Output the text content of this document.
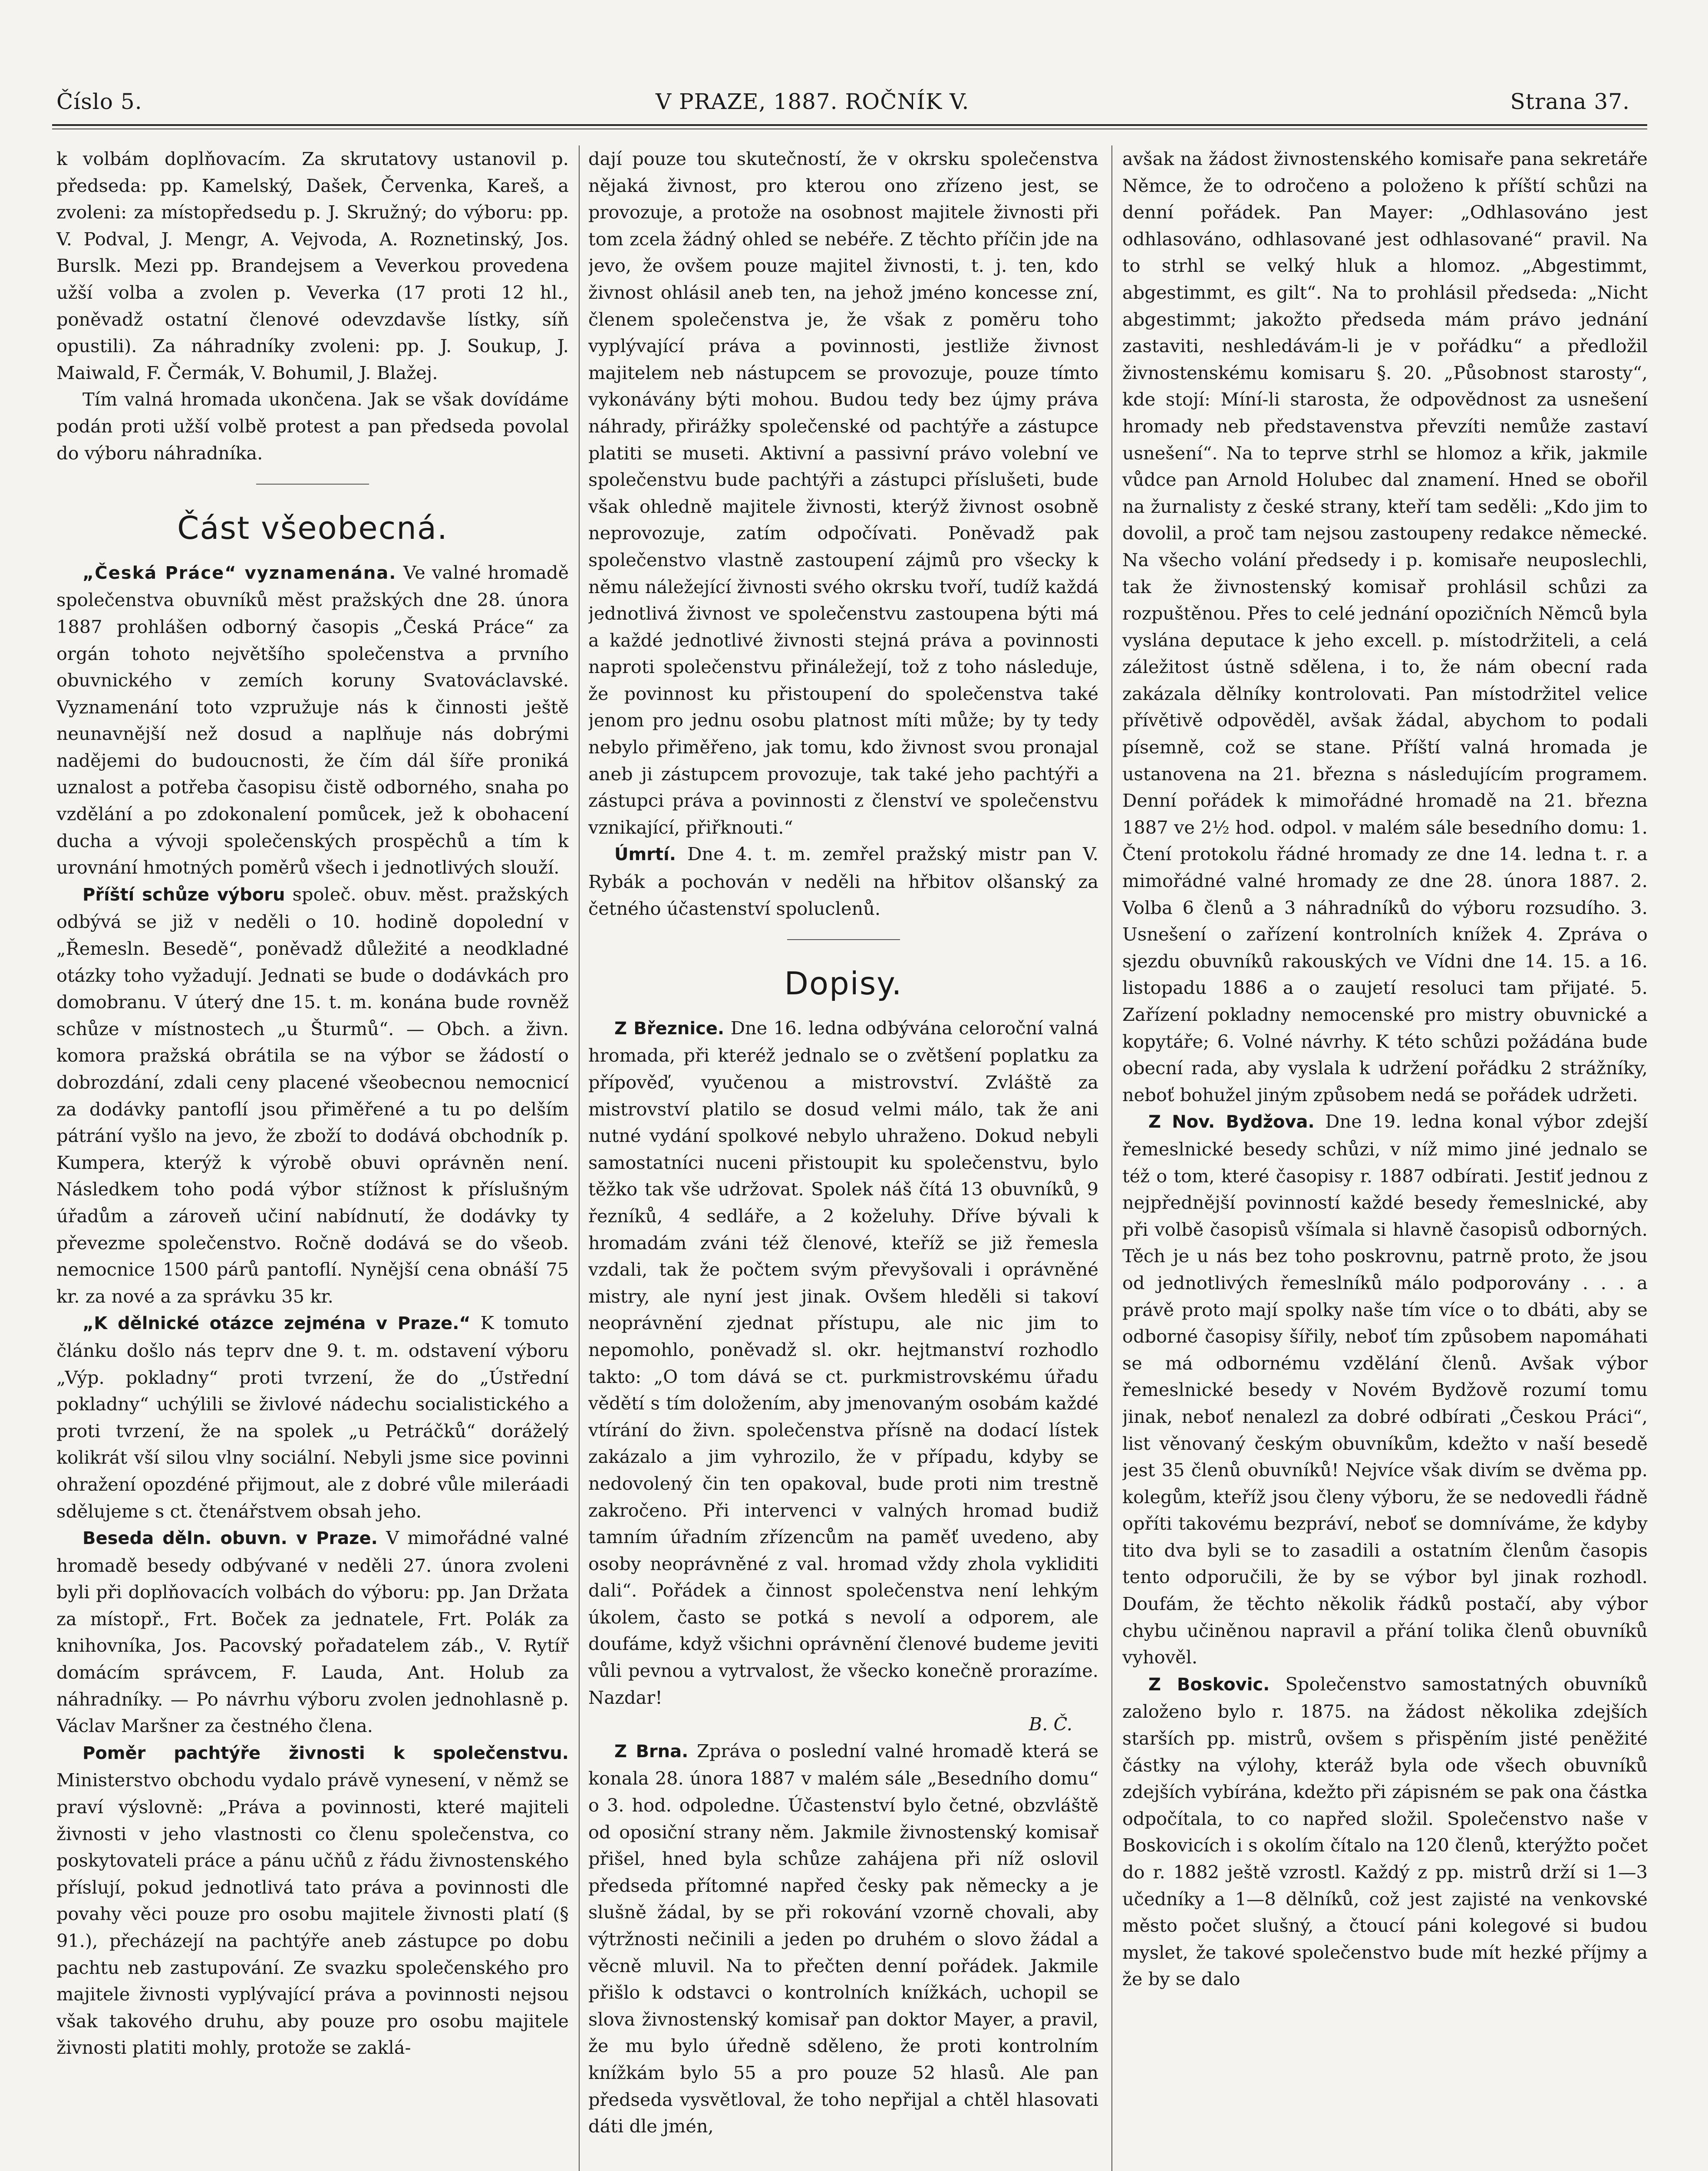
Číslo 5.	V PRAZE, 1887. ROČNÍK V.	Strana 37.

k volbám doplňovacím. Za skrutatovy ustanovil p. předseda: pp. Kamelský, Dašek, Červenka, Kareš, a zvoleni: za místopředsedu p. J. Skružný; do výboru: pp. V. Podval, J. Mengr, A. Vejvoda, A. Roznetinský, Jos. Burslk. Mezi pp. Brandejsem a Veverkou provedena užší volba a zvolen p. Veverka (17 proti 12 hl., poněvadž ostatní členové odevzdavše lístky, síň opustili). Za náhradníky zvoleni: pp. J. Soukup, J. Maiwald, F. Čermák, V. Bohumil, J. Blažej.

Tím valná hromada ukončena. Jak se však dovídáme podán proti užší volbě protest a pan předseda povolal do výboru náhradníka.

Část všeobecná.

„Česká Práce“ vyznamenána. Ve valné hromadě společenstva obuvníků měst pražských dne 28. února 1887 prohlášen odborný časopis „Česká Práce“ za orgán tohoto největšího společenstva a prvního obuvnického v zemích koruny Svatováclavské. Vyznamenání toto vzpružuje nás k činnosti ještě neunavnější než dosud a naplňuje nás dobrými nadějemi do budoucnosti, že čím dál šíře proniká uznalost a potřeba časopisu čistě odborného, snaha po vzdělání a po zdokonalení pomůcek, jež k obohacení ducha a vývoji společenských prospěchů a tím k urovnání hmotných poměrů všech i jednotlivých slouží.

Příští schůze výboru společ. obuv. měst. pražských odbývá se již v neděli o 10. hodině dopolední v „Řemesln. Besedě“, poněvadž důležité a neodkladné otázky toho vyžadují. Jednati se bude o dodávkách pro domobranu. V úterý dne 15. t. m. konána bude rovněž schůze v místnostech „u Šturmů“. — Obch. a živn. komora pražská obrátila se na výbor se žádostí o dobrozdání, zdali ceny placené všeobecnou nemocnicí za dodávky pantoflí jsou přiměřené a tu po delším pátrání vyšlo na jevo, že zboží to dodává obchodník p. Kumpera, kterýž k výrobě obuvi oprávněn není. Následkem toho podá výbor stížnost k příslušným úřadům a zároveň učiní nabídnutí, že dodávky ty převezme společenstvo. Ročně dodává se do všeob. nemocnice 1500 párů pantoflí. Nynější cena obnáší 75 kr. za nové a za správku 35 kr.

„K dělnické otázce zejména v Praze.“ K tomuto článku došlo nás teprv dne 9. t. m. odstavení výboru „Výp. pokladny“ proti tvrzení, že do „Ústřední pokladny“ uchýlili se živlové nádechu socialistického a proti tvrzení, že na spolek „u Petráčků“ doráželý kolikrát vší silou vlny sociální. Nebyli jsme sice povinni ohražení opozdéné přijmout, ale z dobré vůle mileráadi sdělujeme s ct. čtenářstvem obsah jeho.

Beseda děln. obuvn. v Praze. V mimořádné valné hromadě besedy odbývané v neděli 27. února zvoleni byli při doplňovacích volbách do výboru: pp. Jan Držata za místopř., Frt. Boček za jednatele, Frt. Polák za knihovníka, Jos. Pacovský pořadatelem záb., V. Rytíř domácím správcem, F. Lauda, Ant. Holub za náhradníky. — Po návrhu výboru zvolen jednohlasně p. Václav Maršner za čestného člena.

Poměr pachtýře živnosti k společenstvu. Ministerstvo obchodu vydalo právě vynesení, v němž se praví výslovně: „Práva a povinnosti, které majiteli živnosti v jeho vlastnosti co členu společenstva, co poskytovateli práce a pánu učňů z řádu živnostenského příslují, pokud jednotlivá tato práva a povinnosti dle povahy věci pouze pro osobu majitele živnosti platí (§ 91.), přecházejí na pachtýře aneb zástupce po dobu pachtu neb zastupování. Ze svazku společenského pro majitele živnosti vyplývající práva a povinnosti nejsou však takového druhu, aby pouze pro osobu majitele živnosti platiti mohly, protože se zaklá-

dají pouze tou skutečností, že v okrsku společenstva nějaká živnost, pro kterou ono zřízeno jest, se provozuje, a protože na osobnost majitele živnosti při tom zcela žádný ohled se nebéře. Z těchto příčin jde na jevo, že ovšem pouze majitel živnosti, t. j. ten, kdo živnost ohlásil aneb ten, na jehož jméno koncesse zní, členem společenstva je, že však z poměru toho vyplývající práva a povinnosti, jestliže živnost majitelem neb nástupcem se provozuje, pouze tímto vykonávány býti mohou. Budou tedy bez újmy práva náhrady, přirážky společenské od pachtýře a zástupce platiti se museti. Aktivní a passivní právo volební ve společenstvu bude pachtýři a zástupci příslušeti, bude však ohledně majitele živnosti, kterýž živnost osobně neprovozuje, zatím odpočívati. Poněvadž pak společenstvo vlastně zastoupení zájmů pro všecky k němu náležející živnosti svého okrsku tvoří, tudíž každá jednotlivá živnost ve společenstvu zastoupena býti má a každé jednotlivé živnosti stejná práva a povinnosti naproti společenstvu přináležejí, tož z toho následuje, že povinnost ku přistoupení do společenstva také jenom pro jednu osobu platnost míti může; by ty tedy nebylo přiměřeno, jak tomu, kdo živnost svou pronajal aneb ji zástupcem provozuje, tak také jeho pachtýři a zástupci práva a povinnosti z členství ve společenstvu vznikající, přiřknouti.“

Úmrtí. Dne 4. t. m. zemřel pražský mistr pan V. Rybák a pochován v neděli na hřbitov olšanský za četného účastenství spoluclenů.

Dopisy.

Z Březnice. Dne 16. ledna odbývána celoroční valná hromada, při kteréž jednalo se o zvětšení poplatku za přípověď, vyučenou a mistrovství. Zvláště za mistrovství platilo se dosud velmi málo, tak že ani nutné vydání spolkové nebylo uhraženo. Dokud nebyli samostatníci nuceni přistoupit ku společenstvu, bylo těžko tak vše udržovat. Spolek náš čítá 13 obuvníků, 9 řezníků, 4 sedláře, a 2 koželuhy. Dříve bývali k hromadám zváni též členové, kteříž se již řemesla vzdali, tak že počtem svým převyšovali i oprávněné mistry, ale nyní jest jinak. Ovšem hleděli si takoví neoprávnění zjednat přístupu, ale nic jim to nepomohlo, poněvadž sl. okr. hejtmanství rozhodlo takto: „O tom dává se ct. purkmistrovskému úřadu vědětí s tím doložením, aby jmenovaným osobám každé vtírání do živn. společenstva přísně na dodací lístek zakázalo a jim vyhrozilo, že v případu, kdyby se nedovolený čin ten opakoval, bude proti nim trestně zakročeno. Při intervenci v valných hromad budiž tamním úřadním zřízencům na paměť uvedeno, aby osoby neoprávněné z val. hromad vždy zhola vykliditi dali“. Pořádek a činnost společenstva není lehkým úkolem, často se potká s nevolí a odporem, ale doufáme, když všichni oprávnění členové budeme jeviti vůli pevnou a vytrvalost, že všecko konečně prorazíme. Nazdar!

B. Č.

Z Brna. Zpráva o poslední valné hromadě která se konala 28. února 1887 v malém sále „Besedního domu“ o 3. hod. odpoledne. Účastenství bylo četné, obzvláště od oposiční strany něm. Jakmile živnostenský komisař přišel, hned byla schůze zahájena při níž oslovil předseda přítomné napřed česky pak německy a je slušně žádal, by se při rokování vzorně chovali, aby výtržnosti nečinili a jeden po druhém o slovo žádal a věcně mluvil. Na to přečten denní pořádek. Jakmile přišlo k odstavci o kontrolních knížkách, uchopil se slova živnostenský komisař pan doktor Mayer, a pravil, že mu bylo úředně sděleno, že proti kontrolním knížkám bylo 55 a pro pouze 52 hlasů. Ale pan předseda vysvětloval, že toho nepřijal a chtěl hlasovati dáti dle jmén,

avšak na žádost živnostenského komisaře pana sekretáře Němce, že to odročeno a položeno k příští schůzi na denní pořádek. Pan Mayer: „Odhlasováno jest odhlasováno, odhlasované jest odhlasované“ pravil. Na to strhl se velký hluk a hlomoz. „Abgestimmt, abgestimmt, es gilt“. Na to prohlásil předseda: „Nicht abgestimmt; jakožto předseda mám právo jednání zastaviti, neshledávám-li je v pořádku“ a předložil živnostenskému komisaru §. 20. „Působnost starosty“, kde stojí: Míní-li starosta, že odpovědnost za usnešení hromady neb představenstva převzíti nemůže zastaví usnešení“. Na to teprve strhl se hlomoz a křik, jakmile vůdce pan Arnold Holubec dal znamení. Hned se obořil na žurnalisty z české strany, kteří tam seděli: „Kdo jim to dovolil, a proč tam nejsou zastoupeny redakce německé. Na všecho volání předsedy i p. komisaře neuposlechli, tak že živnostenský komisař prohlásil schůzi za rozpuštěnou. Přes to celé jednání opozičních Němců byla vyslána deputace k jeho excell. p. místodržiteli, a celá záležitost ústně sdělena, i to, že nám obecní rada zakázala dělníky kontrolovati. Pan místodržitel velice přívětivě odpověděl, avšak žádal, abychom to podali písemně, což se stane. Příští valná hromada je ustanovena na 21. března s následujícím programem. Denní pořádek k mimořádné hromadě na 21. března 1887 ve 2½ hod. odpol. v malém sále besedního domu: 1. Čtení protokolu řádné hromady ze dne 14. ledna t. r. a mimořádné valné hromady ze dne 28. února 1887. 2. Volba 6 členů a 3 náhradníků do výboru rozsudího. 3. Usnešení o zařízení kontrolních knížek 4. Zpráva o sjezdu obuvníků rakouských ve Vídni dne 14. 15. a 16. listopadu 1886 a o zaujetí resoluci tam přijaté. 5. Zařízení pokladny nemocenské pro mistry obuvnické a kopytáře; 6. Volné návrhy. K této schůzi požádána bude obecní rada, aby vyslala k udržení pořádku 2 strážníky, neboť bohužel jiným způsobem nedá se pořádek udržeti.

Z Nov. Bydžova. Dne 19. ledna konal výbor zdejší řemeslnické besedy schůzi, v níž mimo jiné jednalo se též o tom, které časopisy r. 1887 odbírati. Jestiť jednou z nejpřednější povinností každé besedy řemeslnické, aby při volbě časopisů všímala si hlavně časopisů odborných. Těch je u nás bez toho poskrovnu, patrně proto, že jsou od jednotlivých řemeslníků málo podporovány . . . a právě proto mají spolky naše tím více o to dbáti, aby se odborné časopisy šířily, neboť tím způsobem napomáhati se má odbornému vzdělání členů. Avšak výbor řemeslnické besedy v Novém Bydžově rozumí tomu jinak, neboť nenalezl za dobré odbírati „Českou Práci“, list věnovaný českým obuvníkům, kdežto v naší besedě jest 35 členů obuvníků! Nejvíce však divím se dvěma pp. kolegům, kteříž jsou členy výboru, že se nedovedli řádně opříti takovému bezpráví, neboť se domníváme, že kdyby tito dva byli se to zasadili a ostatním členům časopis tento odporučili, že by se výbor byl jinak rozhodl. Doufám, že těchto několik řádků postačí, aby výbor chybu učiněnou napravil a přání tolika členů obuvníků vyhověl.

Z Boskovic. Společenstvo samostatných obuvníků založeno bylo r. 1875. na žádost několika zdejších starších pp. mistrů, ovšem s přispěním jisté peněžité částky na výlohy, kteráž byla ode všech obuvníků zdejších vybírána, kdežto při zápisném se pak ona částka odpočítala, to co napřed složil. Společenstvo naše v Boskovicích i s okolím čítalo na 120 členů, kterýžto počet do r. 1882 ještě vzrostl. Každý z pp. mistrů drží si 1—3 učedníky a 1—8 dělníků, což jest zajisté na venkovské město počet slušný, a čtoucí páni kolegové si budou myslet, že takové společenstvo bude mít hezké příjmy a že by se dalo
